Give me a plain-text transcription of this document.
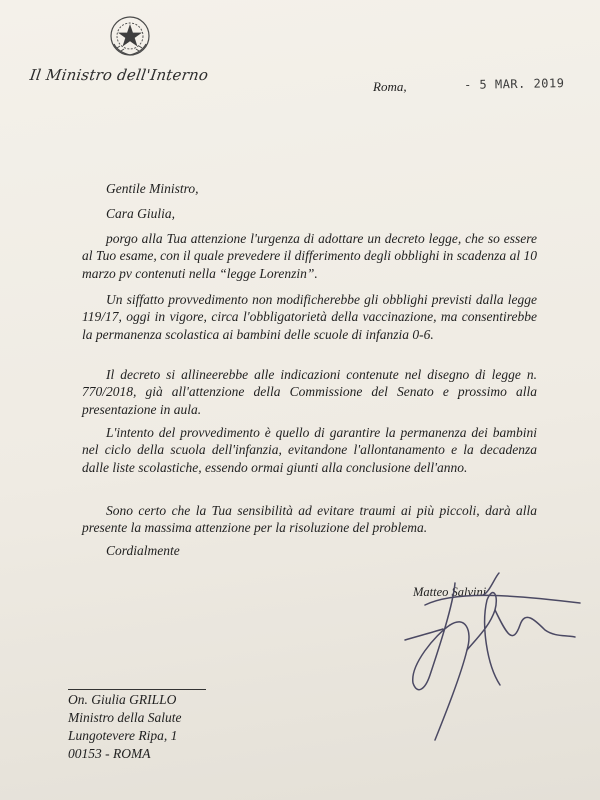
Il Ministro dell'Interno
Roma,	- 5 MAR. 2019
Gentile Ministro,
Cara Giulia,
porgo alla Tua attenzione l'urgenza di adottare un decreto legge, che so essere al Tuo esame, con il quale prevedere il differimento degli obblighi in scadenza al 10 marzo pv contenuti nella “legge Lorenzin”.
Un siffatto provvedimento non modificherebbe gli obblighi previsti dalla legge 119/17, oggi in vigore, circa l'obbligatorietà della vaccinazione, ma consentirebbe la permanenza scolastica ai bambini delle scuole di infanzia 0-6.
Il decreto si allineerebbe alle indicazioni contenute nel disegno di legge n. 770/2018, già all'attenzione della Commissione del Senato e prossimo alla presentazione in aula.
L'intento del provvedimento è quello di garantire la permanenza dei bambini nel ciclo della scuola dell'infanzia, evitandone l'allontanamento e la decadenza dalle liste scolastiche, essendo ormai giunti alla conclusione dell'anno.
Sono certo che la Tua sensibilità ad evitare traumi ai più piccoli, darà alla presente la massima attenzione per la risoluzione del problema.
Cordialmente
Matteo Salvini
On. Giulia GRILLO
Ministro della Salute
Lungotevere Ripa, 1
00153 - ROMA
